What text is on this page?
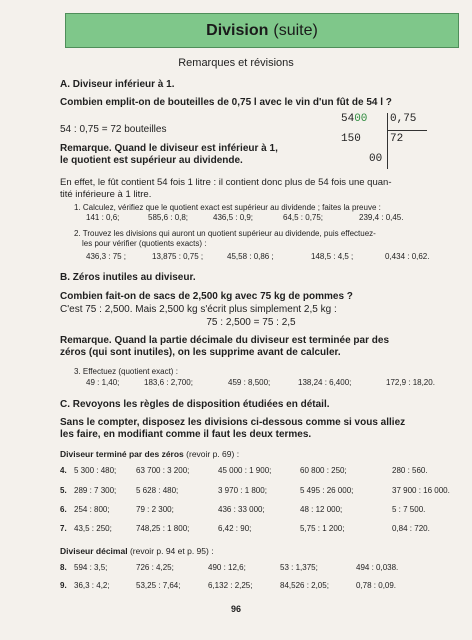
Division (suite)
Remarques et révisions
A. Diviseur inférieur à 1.
Combien emplit-on de bouteilles de 0,75 l avec le vin d'un fût de 54 l ?
54 : 0,75 = 72 bouteilles
5400
150
00
0,75
72
Remarque. Quand le diviseur est inférieur à 1,
le quotient est supérieur au dividende.
En effet, le fût contient 54 fois 1 litre : il contient donc plus de 54 fois une quan-
tité inférieure à 1 litre.
1. Calculez, vérifiez que le quotient exact est supérieur au dividende ; faites la preuve :
141 : 0,6;	585,6 : 0,8;	436,5 : 0,9;	64,5 : 0,75;	239,4 : 0,45.
2. Trouvez les divisions qui auront un quotient supérieur au dividende, puis effectuez-
les pour vérifier (quotients exacts) :
436,3 : 75 ;	13,875 : 0,75 ;	45,58 : 0,86 ;	148,5 : 4,5 ;	0,434 : 0,62.
B. Zéros inutiles au diviseur.
Combien fait-on de sacs de 2,500 kg avec 75 kg de pommes ?
C'est 75 : 2,500. Mais 2,500 kg s'écrit plus simplement 2,5 kg :
75 : 2,500 = 75 : 2,5
Remarque. Quand la partie décimale du diviseur est terminée par des
zéros (qui sont inutiles), on les supprime avant de calculer.
3. Effectuez (quotient exact) :
49 : 1,40;	183,6 : 2,700;	459 : 8,500;	138,24 : 6,400;	172,9 : 18,20.
C. Revoyons les règles de disposition étudiées en détail.
Sans le compter, disposez les divisions ci-dessous comme si vous alliez
les faire, en modifiant comme il faut les deux termes.
Diviseur terminé par des zéros (revoir p. 69) :
4. 5 300 : 480; 63 700 : 3 200;	45 000 : 1 900;	60 800 : 250;	280 : 560.
5. 289 : 7 300; 5 628 : 480;	3 970 : 1 800;	5 495 : 26 000;	37 900 : 16 000.
6. 254 : 800;	79 : 2 300;	436 : 33 000;	48 : 12 000;	5 : 7 500.
7. 43,5 : 250;	748,25 : 1 800;	6,42 : 90;	5,75 : 1 200;	0,84 : 720.
Diviseur décimal (revoir p. 94 et p. 95) :
8. 594 : 3,5;	726 : 4,25;	490 : 12,6;	53 : 1,375;	494 : 0,038.
9. 36,3 : 4,2;	53,25 : 7,64;	6,132 : 2,25;	84,526 : 2,05;	0,78 : 0,09.
96
